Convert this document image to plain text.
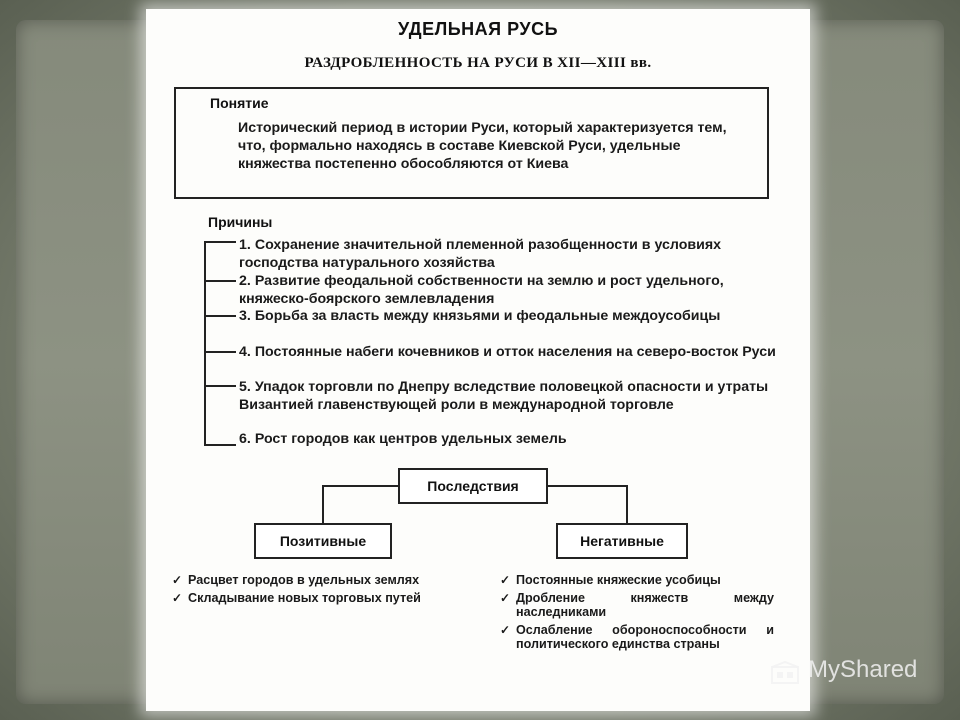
УДЕЛЬНАЯ РУСЬ
РАЗДРОБЛЕННОСТЬ НА РУСИ В XII—XIII вв.
Понятие
Исторический период в истории Руси, который характеризуется тем, что, формально находясь в составе Киевской Руси, удельные княжества постепенно обособляются от Киева
Причины
1. Сохранение значительной племенной разобщенности в условиях господства натурального хозяйства
2. Развитие феодальной собственности на землю и рост удельного, княжеско-боярского землевладения
3. Борьба за власть между князьями и феодальные междоусобицы
4. Постоянные набеги кочевников и отток населения на северо-восток Руси
5. Упадок торговли по Днепру вследствие половецкой опасности и утраты Византией главенствующей роли в международной торговле
6. Рост городов как центров удельных земель
Последствия
Позитивные	Негативные
✓ Расцвет городов в удельных землях
✓ Складывание новых торговых путей
✓ Постоянные княжеские усобицы
✓ Дробление княжеств между наследниками
✓ Ослабление обороноспособности и политического единства страны
MyShared
